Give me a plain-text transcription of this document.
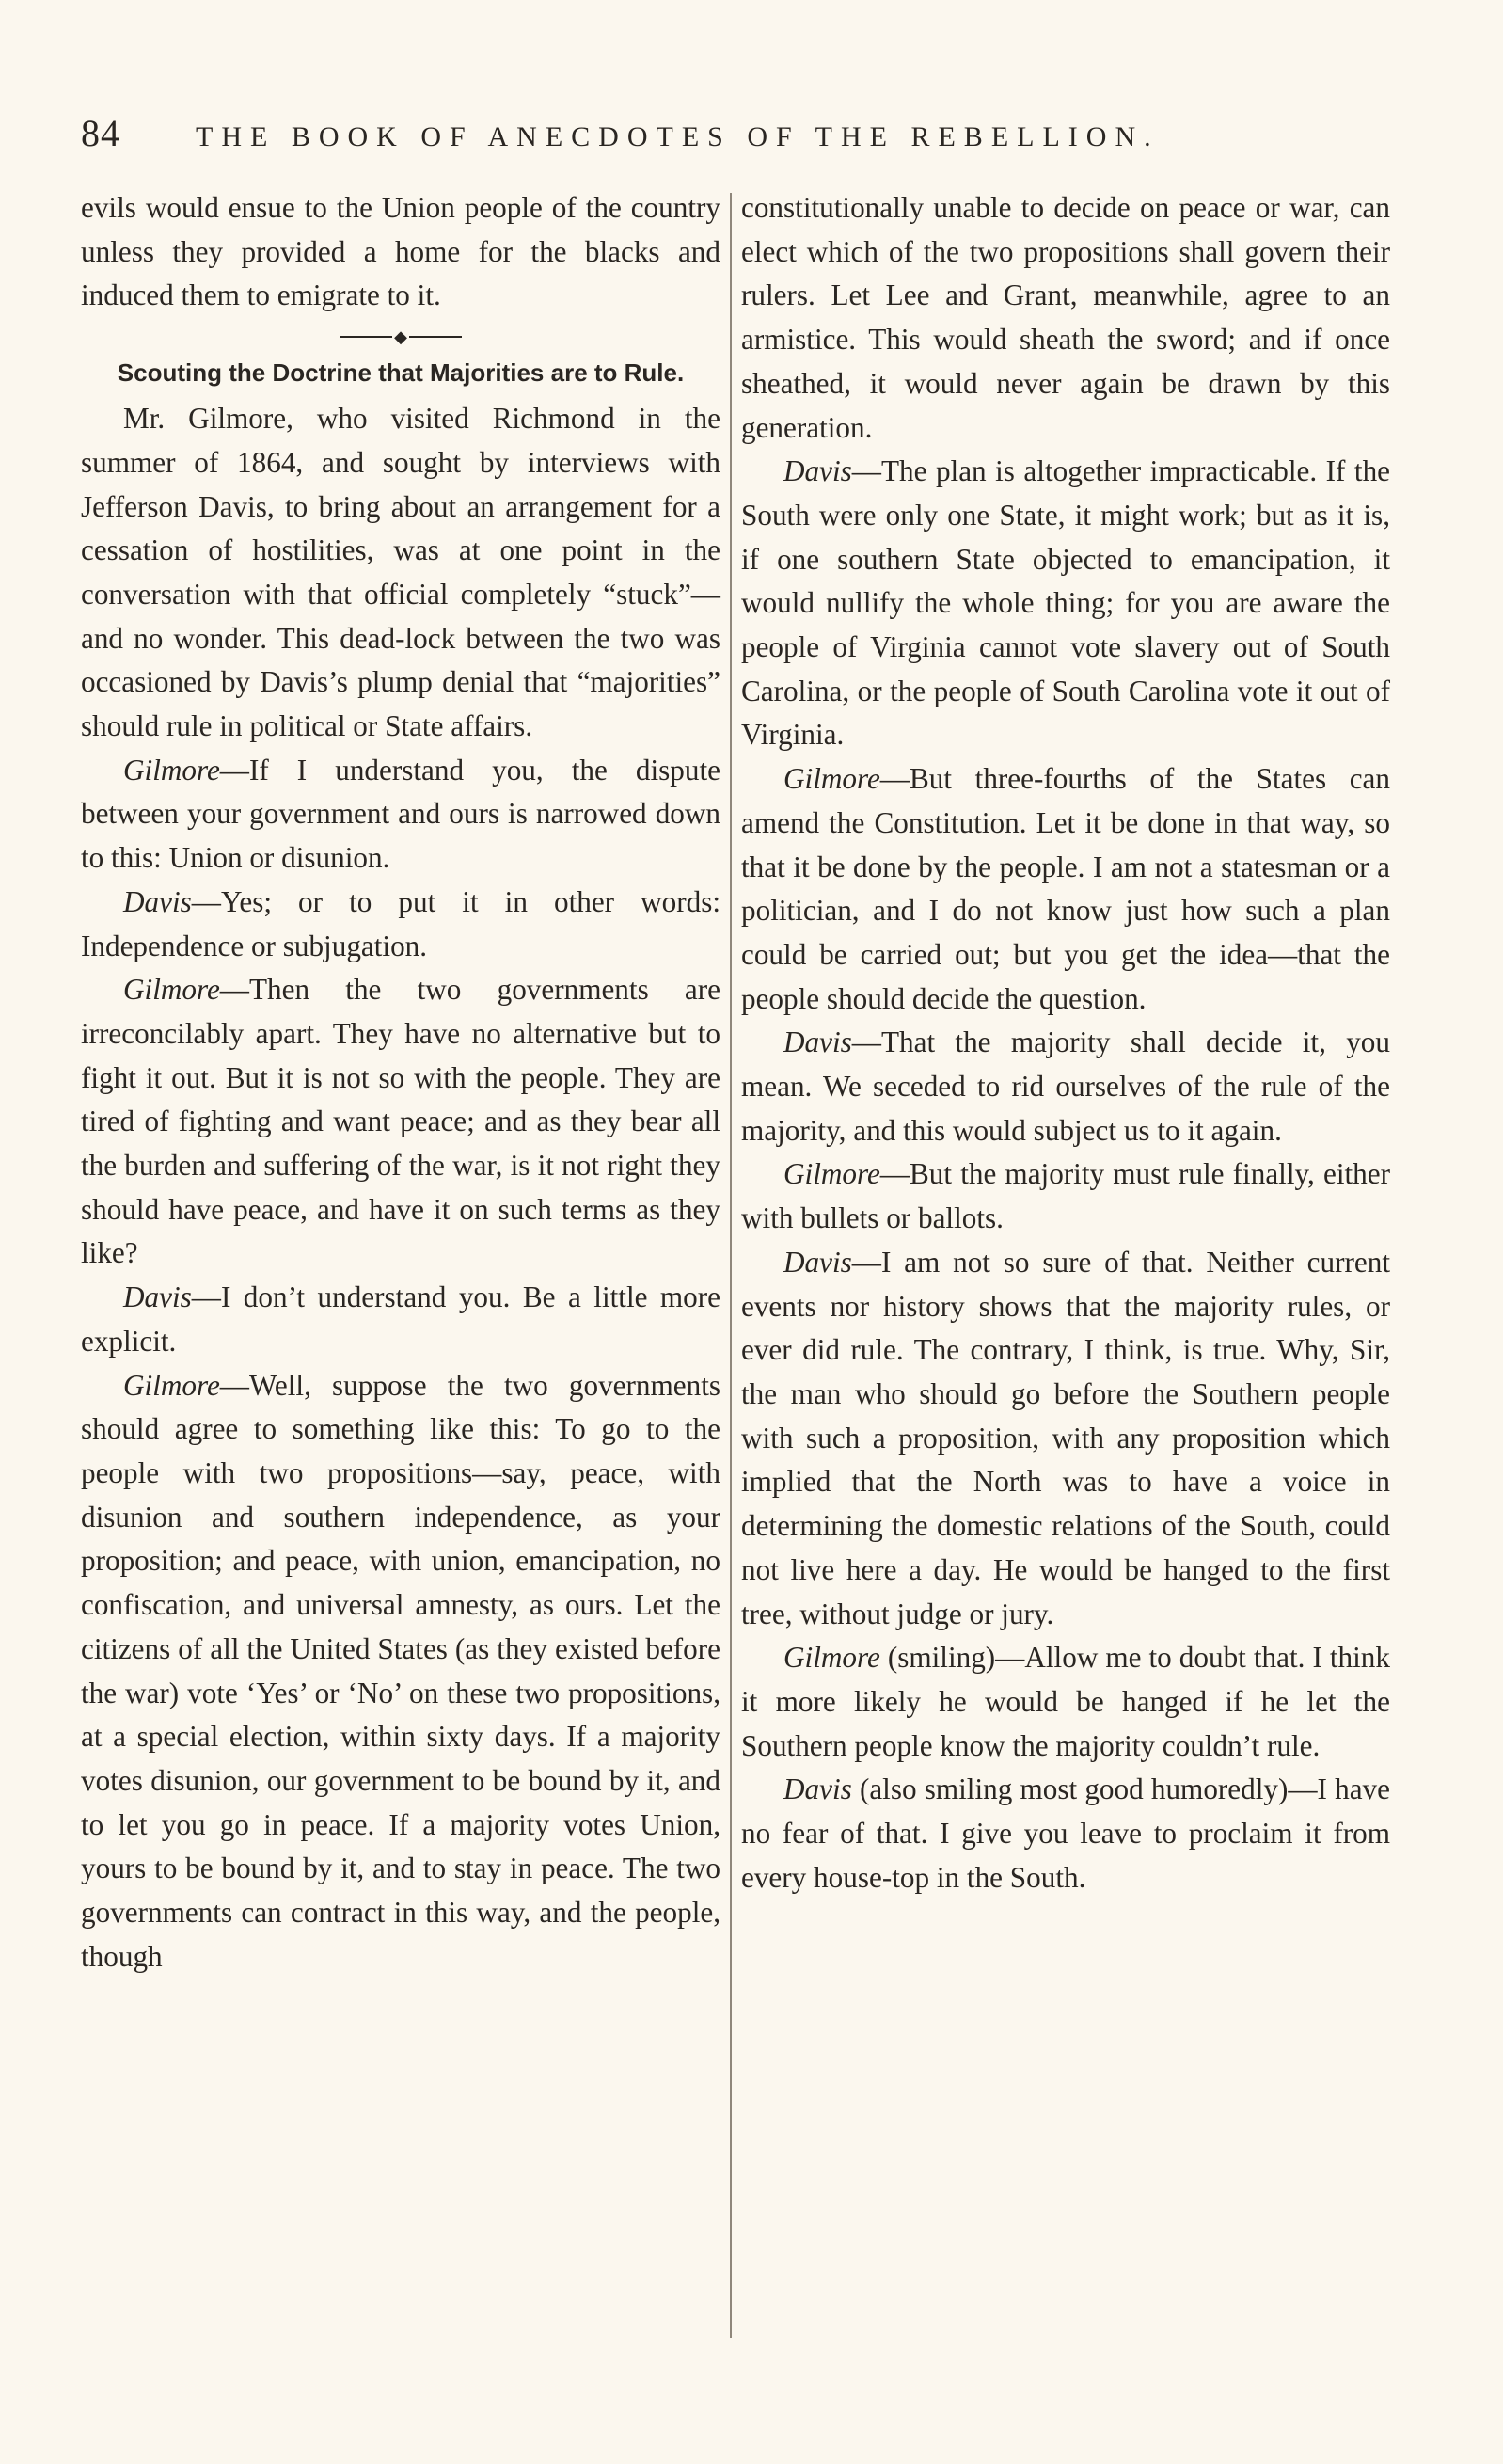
84	THE BOOK OF ANECDOTES OF THE REBELLION.

evils would ensue to the Union people of the country unless they provided a home for the blacks and induced them to emigrate to it.

◆
Scouting the Doctrine that Majorities are to Rule.

Mr. Gilmore, who visited Richmond in the summer of 1864, and sought by interviews with Jefferson Davis, to bring about an arrangement for a cessation of hostilities, was at one point in the conversation with that official completely “stuck”—and no wonder. This dead-lock between the two was occasioned by Davis’s plump denial that “majorities” should rule in political or State affairs.

Gilmore—If I understand you, the dispute between your government and ours is narrowed down to this: Union or disunion.

Davis—Yes; or to put it in other words: Independence or subjugation.

Gilmore—Then the two governments are irreconcilably apart. They have no alternative but to fight it out. But it is not so with the people. They are tired of fighting and want peace; and as they bear all the burden and suffering of the war, is it not right they should have peace, and have it on such terms as they like?

Davis—I don’t understand you. Be a little more explicit.

Gilmore—Well, suppose the two governments should agree to something like this: To go to the people with two propositions—say, peace, with disunion and southern independence, as your proposition; and peace, with union, emancipation, no confiscation, and universal amnesty, as ours. Let the citizens of all the United States (as they existed before the war) vote ‘Yes’ or ‘No’ on these two propositions, at a special election, within sixty days. If a majority votes disunion, our government to be bound by it, and to let you go in peace. If a majority votes Union, yours to be bound by it, and to stay in peace. The two governments can contract in this way, and the people, though

constitutionally unable to decide on peace or war, can elect which of the two propositions shall govern their rulers. Let Lee and Grant, meanwhile, agree to an armistice. This would sheath the sword; and if once sheathed, it would never again be drawn by this generation.

Davis—The plan is altogether impracticable. If the South were only one State, it might work; but as it is, if one southern State objected to emancipation, it would nullify the whole thing; for you are aware the people of Virginia cannot vote slavery out of South Carolina, or the people of South Carolina vote it out of Virginia.

Gilmore—But three-fourths of the States can amend the Constitution. Let it be done in that way, so that it be done by the people. I am not a statesman or a politician, and I do not know just how such a plan could be carried out; but you get the idea—that the people should decide the question.

Davis—That the majority shall decide it, you mean. We seceded to rid ourselves of the rule of the majority, and this would subject us to it again.

Gilmore—But the majority must rule finally, either with bullets or ballots.

Davis—I am not so sure of that. Neither current events nor history shows that the majority rules, or ever did rule. The contrary, I think, is true. Why, Sir, the man who should go before the Southern people with such a proposition, with any proposition which implied that the North was to have a voice in determining the domestic relations of the South, could not live here a day. He would be hanged to the first tree, without judge or jury.

Gilmore (smiling)—Allow me to doubt that. I think it more likely he would be hanged if he let the Southern people know the majority couldn’t rule.

Davis (also smiling most good humoredly)—I have no fear of that. I give you leave to proclaim it from every house-top in the South.
